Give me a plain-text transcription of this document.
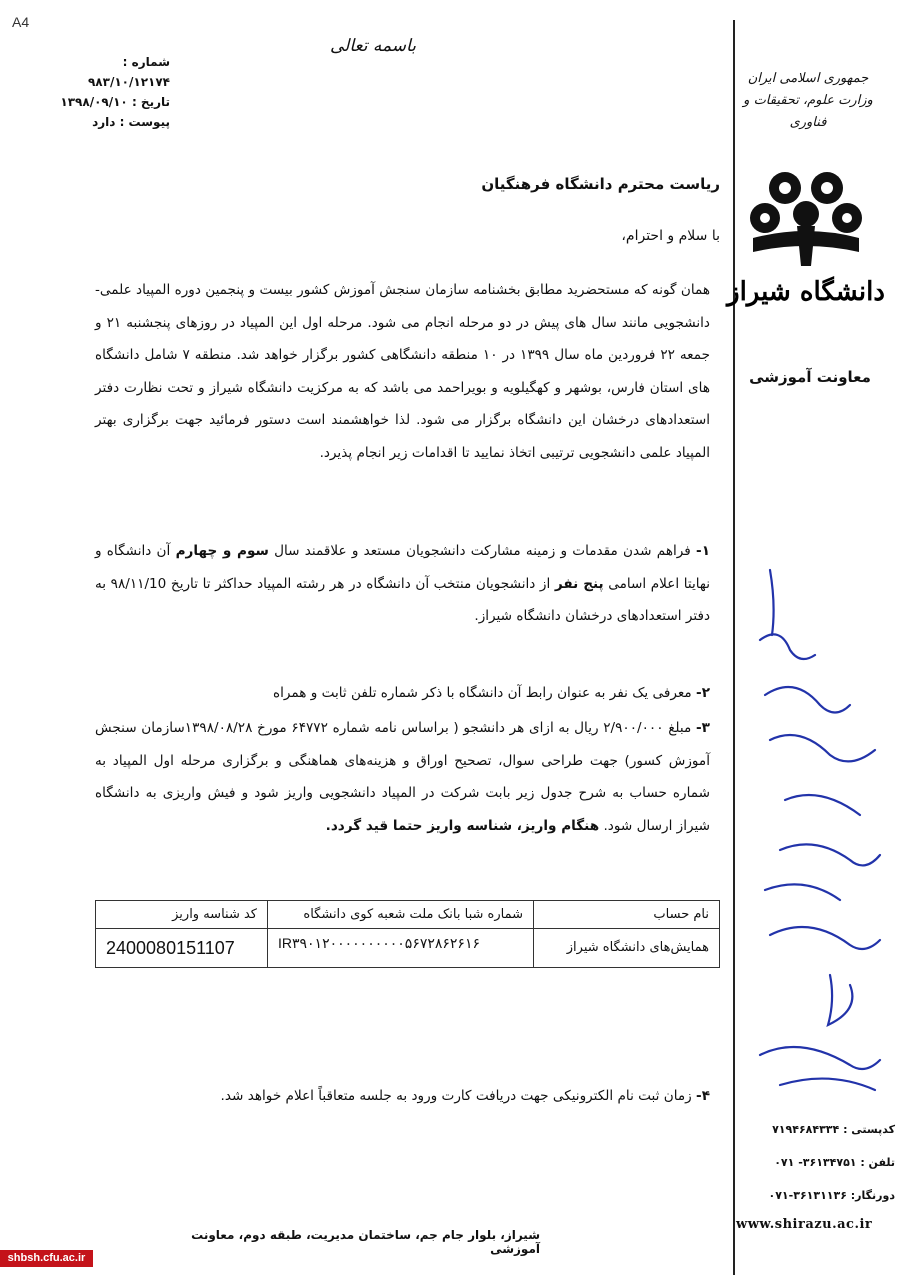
A4
باسمه تعالی
شماره :
۹۸۳/۱۰/۱۲۱۷۴
تاریخ : ۱۳۹۸/۰۹/۱۰
پیوست : دارد
جمهوری اسلامی ایران
وزارت علوم، تحقیقات و فناوری
دانشگاه شیراز
معاونت آموزشی
کدپستی : ۷۱۹۴۶۸۴۳۳۴
تلفن : ۳۶۱۳۴۷۵۱- ۰۷۱
دورنگار: ۳۶۱۳۱۱۳۶-۰۷۱
www.shirazu.ac.ir
ریاست محترم دانشگاه فرهنگیان
با سلام و احترام،
همان گونه که مستحضرید مطابق بخشنامه سازمان سنجش آموزش کشور بیست و پنجمین دوره المپیاد علمی- دانشجویی مانند سال های پیش در دو مرحله انجام می شود. مرحله اول این المپیاد در روزهای پنجشنبه ۲۱ و جمعه ۲۲ فروردین ماه سال ۱۳۹۹ در ۱۰ منطقه دانشگاهی کشور برگزار خواهد شد. منطقه ۷ شامل دانشگاه های استان فارس، بوشهر و کهگیلویه و بویراحمد می باشد که به مرکزیت دانشگاه شیراز و تحت نظارت دفتر استعدادهای درخشان این دانشگاه برگزار می شود. لذا خواهشمند است دستور فرمائید جهت برگزاری بهتر المپیاد علمی دانشجویی ترتیبی اتخاذ نمایید تا اقدامات زیر انجام پذیرد.
۱- فراهم شدن مقدمات و زمینه مشارکت دانشجویان مستعد و علاقمند سال سوم و چهارم آن دانشگاه و نهایتا اعلام اسامی پنج نفر از دانشجویان منتخب آن دانشگاه در هر رشته المپیاد حداکثر تا تاریخ ۹۸/۱۱/10 به دفتر استعدادهای درخشان دانشگاه شیراز.
۲- معرفی یک نفر به عنوان رابط آن دانشگاه با ذکر شماره تلفن ثابت و همراه
۳- مبلغ ۲/۹۰۰/۰۰۰ ریال به ازای هر دانشجو ( براساس نامه شماره ۶۴۷۷۲ مورخ ۱۳۹۸/۰۸/۲۸سازمان سنجش آموزش کسور) جهت طراحی سوال، تصحیح اوراق و هزینه‌های هماهنگی و برگزاری مرحله اول المپیاد به شماره حساب به شرح جدول زیر بابت شرکت در المپیاد دانشجویی واریز شود و فیش واریزی به دانشگاه شیراز ارسال شود. هنگام واریز، شناسه واریز حتما قید گردد.
نام حساب	شماره شبا بانک ملت شعبه کوی دانشگاه	کد شناسه واریز
همایش‌های دانشگاه شیراز	IR۳۹۰۱۲۰۰۰۰۰۰۰۰۰۰۵۶۷۲۸۶۲۶۱۶	2400080151107
۴- زمان ثبت نام الکترونیکی جهت دریافت کارت ورود به جلسه متعاقباً اعلام خواهد شد.
شیراز، بلوار جام جم، ساختمان مدیریت، طبقه دوم، معاونت آموزشی
shbsh.cfu.ac.ir
